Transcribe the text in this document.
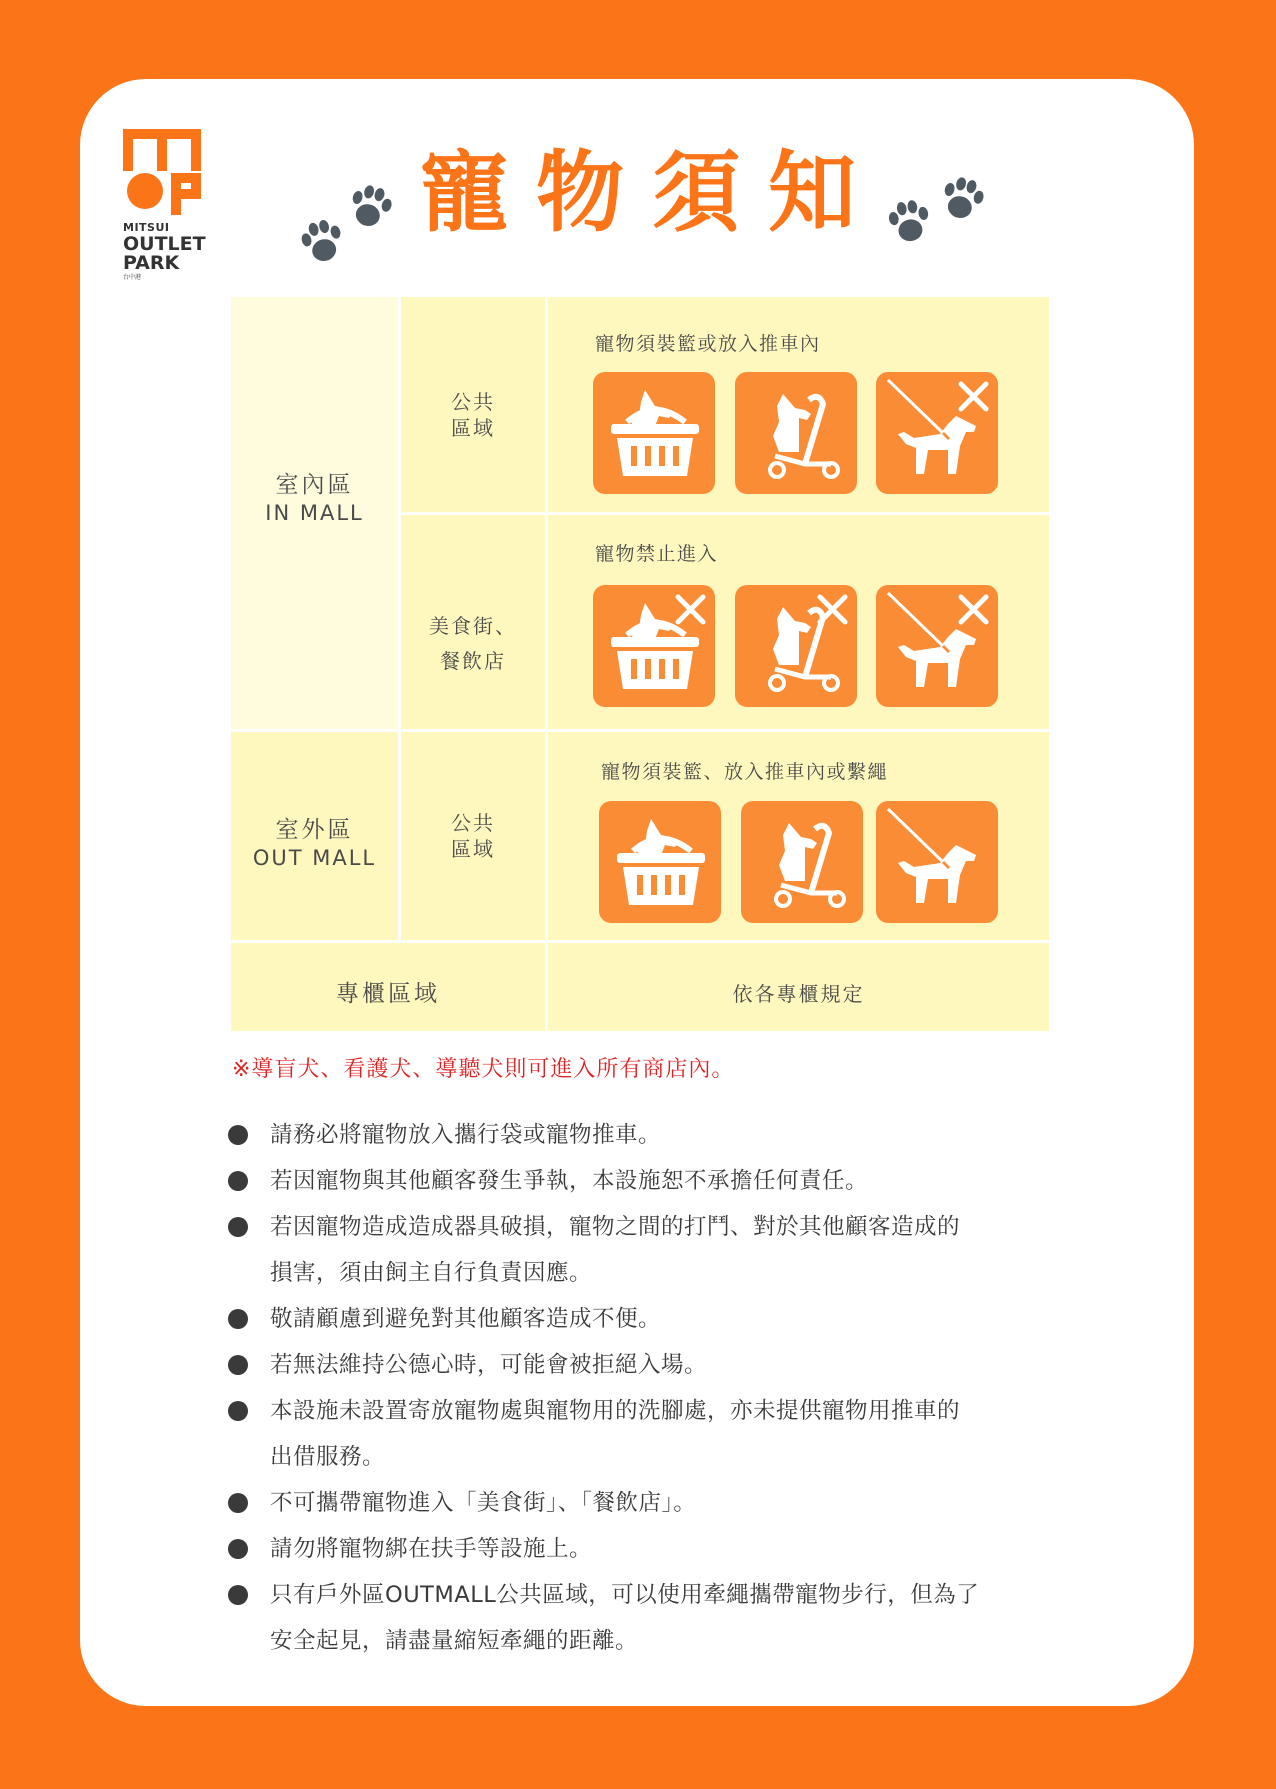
MITSUI
OUTLET
PARK
台中港
寵物須知
室內區
IN MALL
室外區
OUT MALL
公共
區域
美食街、
餐飲店
公共
區域
寵物須裝籃或放入推車內
寵物禁止進入
寵物須裝籃、放入推車內或繫繩
專櫃區域	依各專櫃規定
※導盲犬、看護犬、導聽犬則可進入所有商店內。
請務必將寵物放入攜行袋或寵物推車。
若因寵物與其他顧客發生爭執，本設施恕不承擔任何責任。
若因寵物造成造成器具破損，寵物之間的打鬥、對於其他顧客造成的
損害，須由飼主自行負責因應。
敬請顧慮到避免對其他顧客造成不便。
若無法維持公德心時，可能會被拒絕入場。
本設施未設置寄放寵物處與寵物用的洗腳處，亦未提供寵物用推車的
出借服務。
不可攜帶寵物進入「美食街」、「餐飲店」。
請勿將寵物綁在扶手等設施上。
只有戶外區OUTMALL公共區域，可以使用牽繩攜帶寵物步行，但為了
安全起見，請盡量縮短牽繩的距離。
